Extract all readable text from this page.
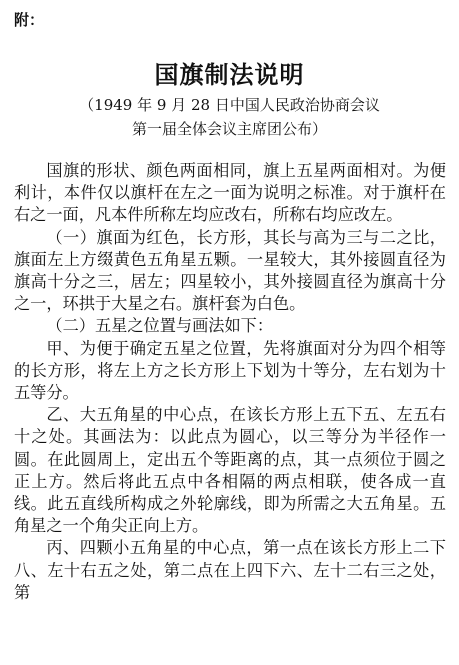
附：
国旗制法说明
（1949 年 9 月 28 日中国人民政治协商会议
第一届全体会议主席团公布）

国旗的形状、颜色两面相同，旗上五星两面相对。为便利计，本件仅以旗杆在左之一面为说明之标准。对于旗杆在右之一面，凡本件所称左均应改右，所称右均应改左。

（一）旗面为红色，长方形，其长与高为三与二之比，旗面左上方缀黄色五角星五颗。一星较大，其外接圆直径为旗高十分之三，居左；四星较小，其外接圆直径为旗高十分之一，环拱于大星之右。旗杆套为白色。

（二）五星之位置与画法如下：

甲、为便于确定五星之位置，先将旗面对分为四个相等的长方形，将左上方之长方形上下划为十等分，左右划为十五等分。

乙、大五角星的中心点，在该长方形上五下五、左五右十之处。其画法为：以此点为圆心，以三等分为半径作一圆。在此圆周上，定出五个等距离的点，其一点须位于圆之正上方。然后将此五点中各相隔的两点相联，使各成一直线。此五直线所构成之外轮廓线，即为所需之大五角星。五角星之一个角尖正向上方。

丙、四颗小五角星的中心点，第一点在该长方形上二下八、左十右五之处，第二点在上四下六、左十二右三之处，第
